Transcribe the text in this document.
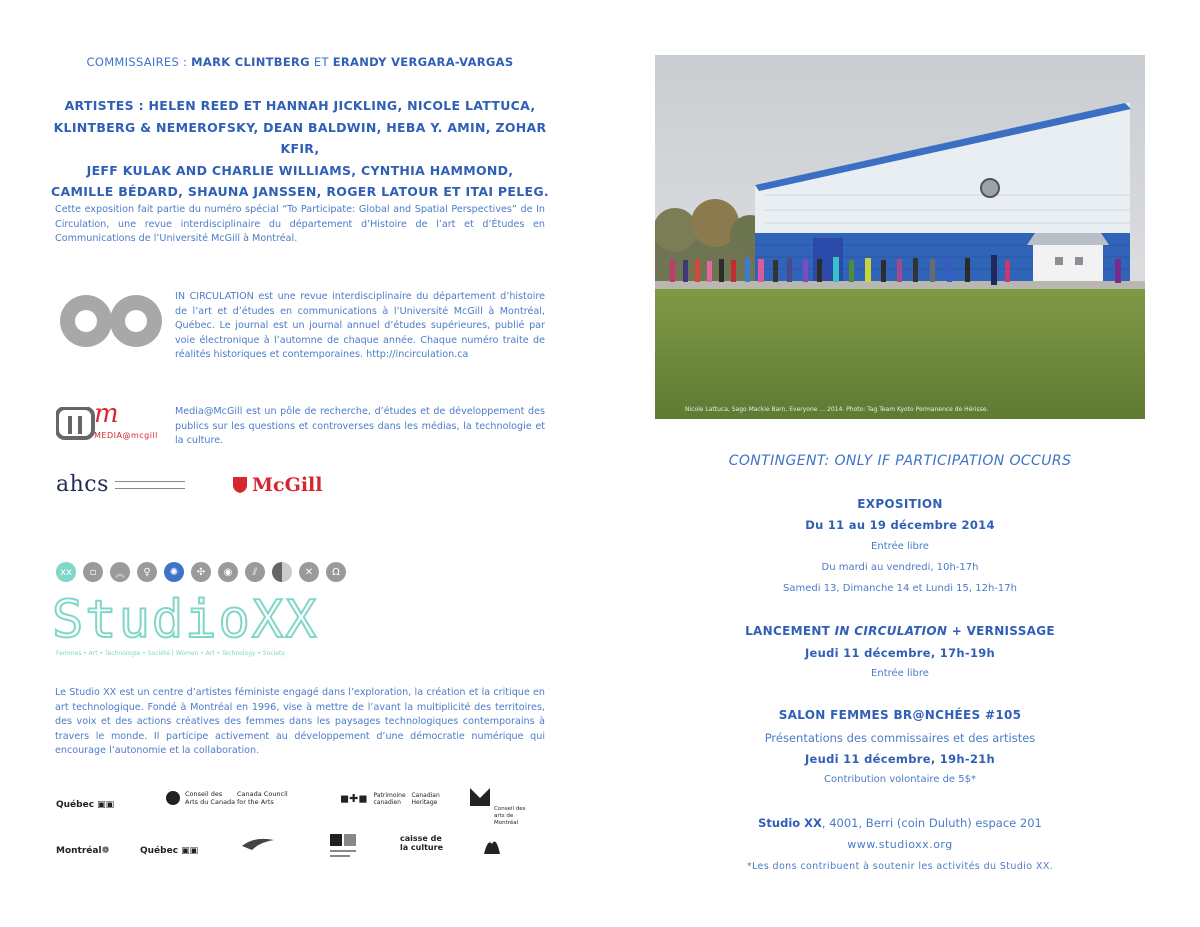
COMMISSAIRES : MARK CLINTBERG ET ERANDY VERGARA-VARGAS
ARTISTES : HELEN REED ET HANNAH JICKLING, NICOLE LATTUCA,
KLINTBERG & NEMEROFSKY, DEAN BALDWIN, HEBA Y. AMIN, ZOHAR KFIR,
JEFF KULAK AND CHARLIE WILLIAMS, CYNTHIA HAMMOND,
CAMILLE BÉDARD, SHAUNA JANSSEN, ROGER LATOUR ET ITAI PELEG.
Cette exposition fait partie du numéro spécial “To Participate: Global and Spatial Perspectives” de In Circulation, une revue interdisciplinaire du département d’Histoire de l’art et d’Études en Communications de l’Université McGill à Montréal.
IN CIRCULATION est une revue interdisciplinaire du département d’histoire de l’art et d’études en communications à l’Université McGill à Montréal, Québec. Le journal est un journal annuel d’études supérieures, publié par voie électronique à l’automne de chaque année. Chaque numéro traite de réalités historiques et contemporaines. http://incirculation.ca
m
MEDIA@mcgill
Media@McGill est un pôle de recherche, d’études et de développement des publics sur les questions et controverses dans les médias, la technologie et la culture.
ahcs	McGill
xx	▫	︽	♀	✺	✣	◉	⫽	✕	Ω
StudioXX
Femmes • Art • Technologie • Société | Women • Art • Technology • Society
Le Studio XX est un centre d’artistes féministe engagé dans l’exploration, la création et la critique en art technologique. Fondé à Montréal en 1996, vise à mettre de l’avant la multiplicité des territoires, des voix et des actions créatives des femmes dans les paysages technologiques contemporains à travers le monde. Il participe activement au développement d’une démocratie numérique qui encourage l’autonomie et la collaboration.
Québec ▣▣
Conseil des Arts du Canada
Canada Council for the Arts	◼✚◼ Patrimoine canadien
Canadian Heritage
Conseil des arts de Montréal
Montréal❁	Québec ▣▣
caisse de la culture
Nicole Lattuca, Sago Mackie Barn, Everyone ... 2014. Photo: Tag Team Kyoto Permanence de Hérisse.
CONTINGENT: ONLY IF PARTICIPATION OCCURS
EXPOSITION
Du 11 au 19 décembre 2014
Entrée libre
Du mardi au vendredi, 10h-17h
Samedi 13, Dimanche 14 et Lundi 15, 12h-17h
LANCEMENT IN CIRCULATION + VERNISSAGE
Jeudi 11 décembre, 17h-19h
Entrée libre
SALON FEMMES BR@NCHÉES #105
Présentations des commissaires et des artistes
Jeudi 11 décembre, 19h-21h
Contribution volontaire de 5$*
Studio XX, 4001, Berri (coin Duluth) espace 201
www.studioxx.org
*Les dons contribuent à soutenir les activités du Studio XX.
